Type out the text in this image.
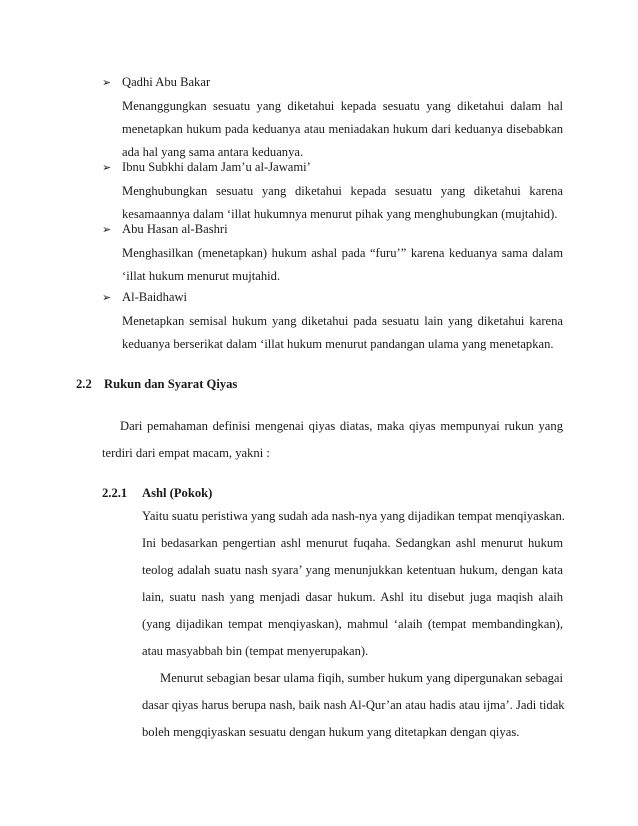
➢ Qadhi Abu Bakar
Menanggungkan sesuatu yang diketahui kepada sesuatu yang diketahui dalam hal
menetapkan hukum pada keduanya atau meniadakan hukum dari keduanya disebabkan
ada hal yang sama antara keduanya.
➢ Ibnu Subkhi dalam Jam’u al-Jawami’
Menghubungkan sesuatu yang diketahui kepada sesuatu yang diketahui karena
kesamaannya dalam ‘illat hukumnya menurut pihak yang menghubungkan (mujtahid).
➢ Abu Hasan al-Bashri
Menghasilkan (menetapkan) hukum ashal pada “furu’” karena keduanya sama dalam
‘illat hukum menurut mujtahid.
➢ Al-Baidhawi
Menetapkan semisal hukum yang diketahui pada sesuatu lain yang diketahui karena
keduanya berserikat dalam ‘illat hukum menurut pandangan ulama yang menetapkan.
2.2 Rukun dan Syarat Qiyas
Dari pemahaman definisi mengenai qiyas diatas, maka qiyas mempunyai rukun yang
terdiri dari empat macam, yakni :
2.2.1 Ashl (Pokok)
Yaitu suatu peristiwa yang sudah ada nash-nya yang dijadikan tempat menqiyaskan.
Ini bedasarkan pengertian ashl menurut fuqaha. Sedangkan ashl menurut hukum
teolog adalah suatu nash syara’ yang menunjukkan ketentuan hukum, dengan kata
lain, suatu nash yang menjadi dasar hukum. Ashl itu disebut juga maqish alaih
(yang dijadikan tempat menqiyaskan), mahmul ‘alaih (tempat membandingkan),
atau masyabbah bin (tempat menyerupakan).
Menurut sebagian besar ulama fiqih, sumber hukum yang dipergunakan sebagai
dasar qiyas harus berupa nash, baik nash Al-Qur’an atau hadis atau ijma’. Jadi tidak
boleh mengqiyaskan sesuatu dengan hukum yang ditetapkan dengan qiyas.
